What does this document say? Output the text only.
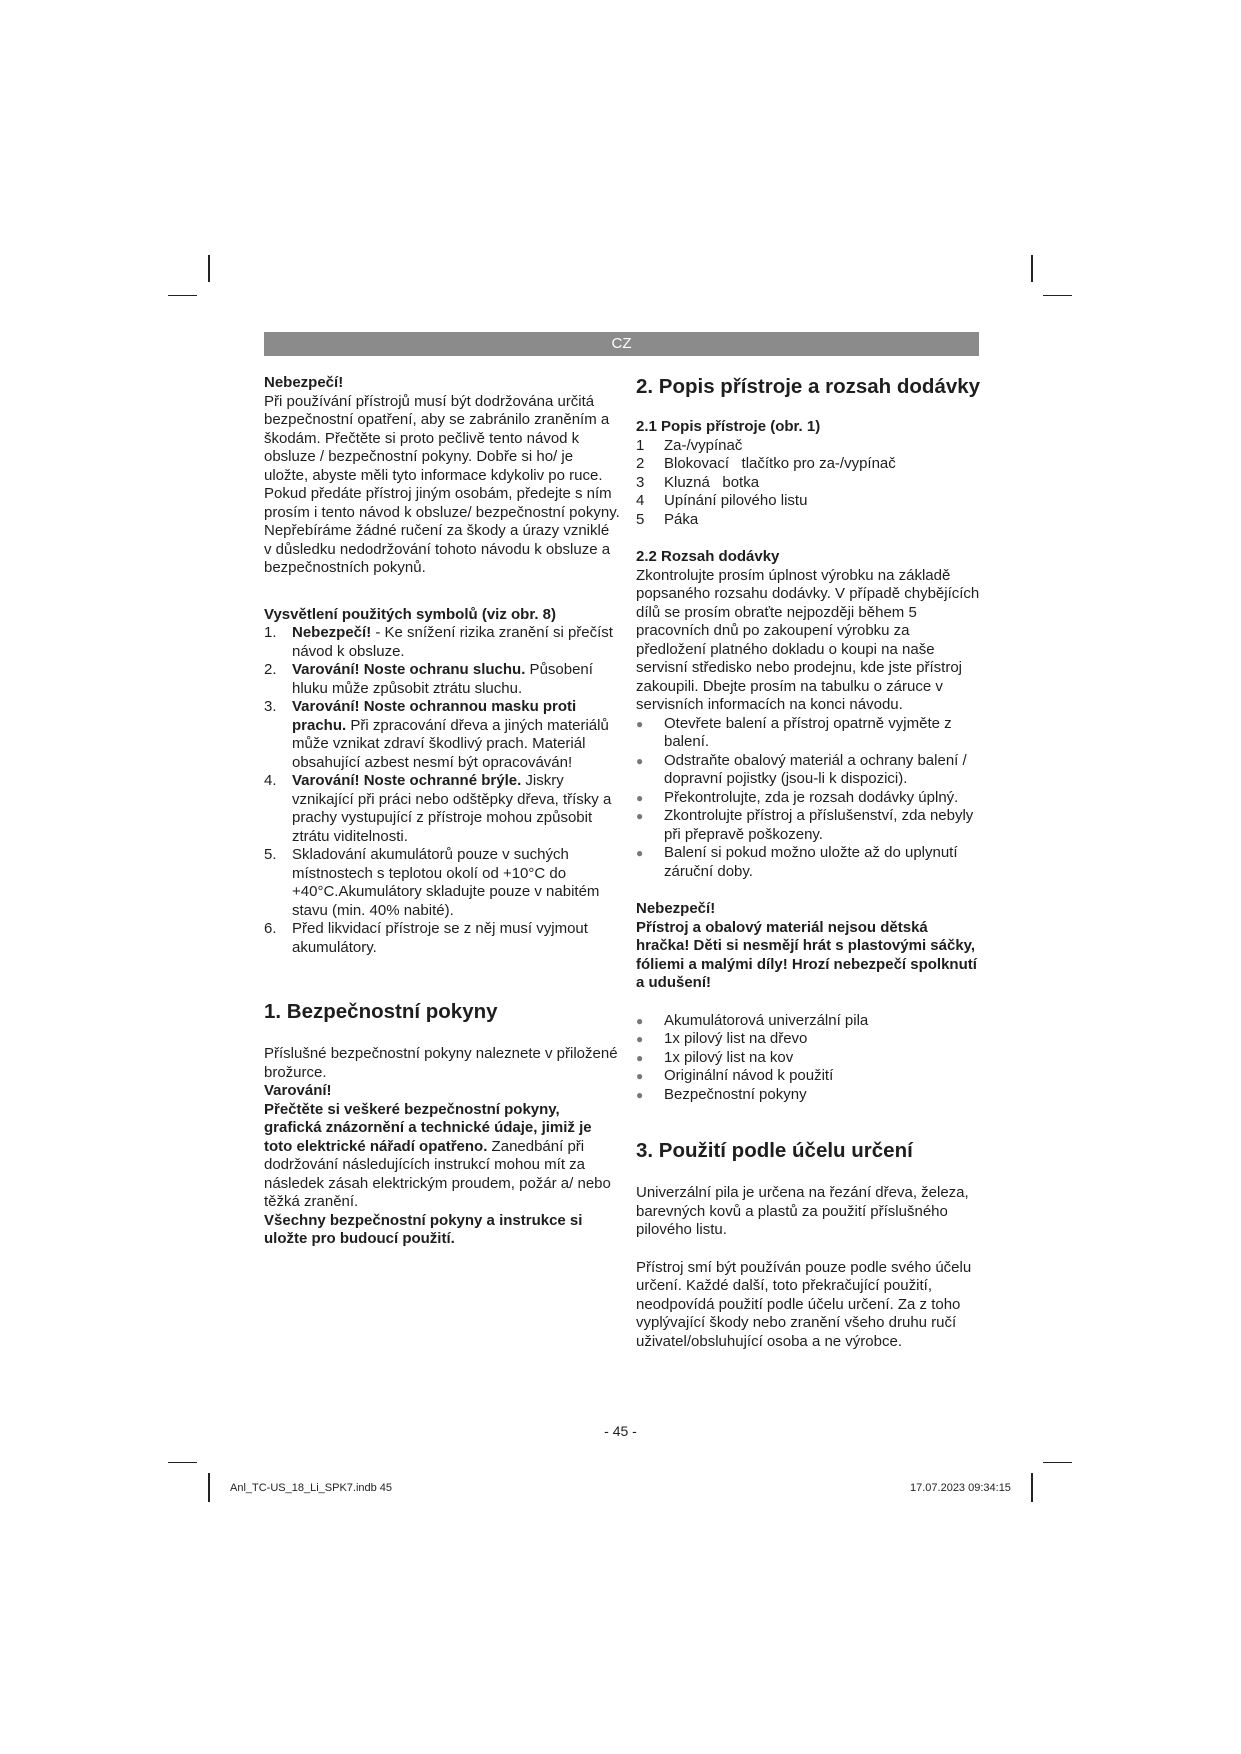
CZ

Nebezpečí!

Při používání přístrojů musí být dodržována určitá bezpečnostní opatření, aby se zabránilo zraněním a škodám. Přečtěte si proto pečlivě tento návod k obsluze / bezpečnostní pokyny. Dobře si ho/ je uložte, abyste měli tyto informace kdykoliv po ruce. Pokud předáte přístroj jiným osobám, předejte s ním prosím i tento návod k obsluze/ bezpečnostní pokyny. Nepřebíráme žádné ručení za škody a úrazy vzniklé v důsledku nedodržování tohoto návodu k obsluze a bezpečnostních pokynů.

Vysvětlení použitých symbolů (viz obr. 8)

1. Nebezpečí! - Ke snížení rizika zranění si přečíst návod k obsluze.
2. Varování! Noste ochranu sluchu. Působení hluku může způsobit ztrátu sluchu.
3. Varování! Noste ochrannou masku proti prachu. Při zpracování dřeva a jiných materiálů může vznikat zdraví škodlivý prach. Materiál obsahující azbest nesmí být opracováván!
4. Varování! Noste ochranné brýle. Jiskry vznikající při práci nebo odštěpky dřeva, třísky a prachy vystupující z přístroje mohou způsobit ztrátu viditelnosti.
5. Skladování akumulátorů pouze v suchých místnostech s teplotou okolí od +10°C do +40°C.Akumulátory skladujte pouze v nabitém stavu (min. 40% nabité).
6. Před likvidací přístroje se z něj musí vyjmout akumulátory.
1. Bezpečnostní pokyny

Příslušné bezpečnostní pokyny naleznete v přiložené brožurce.

Varování!

Přečtěte si veškeré bezpečnostní pokyny, grafická znázornění a technické údaje, jimiž je toto elektrické nářadí opatřeno. Zanedbání při dodržování následujících instrukcí mohou mít za následek zásah elektrickým proudem, požár a/ nebo těžká zranění.

Všechny bezpečnostní pokyny a instrukce si uložte pro budoucí použití.

2. Popis přístroje a rozsah dodávky

2.1 Popis přístroje (obr. 1)

1 Za-/vypínač
2 Blokovací   tlačítko pro za-/vypínač
3 Kluzná   botka
4 Upínání pilového listu
5 Páka

2.2 Rozsah dodávky

Zkontrolujte prosím úplnost výrobku na základě popsaného rozsahu dodávky. V případě chybějících dílů se prosím obraťte nejpozději během 5 pracovních dnů po zakoupení výrobku za předložení platného dokladu o koupi na naše servisní středisko nebo prodejnu, kde jste přístroj zakoupili. Dbejte prosím na tabulku o záruce v servisních informacích na konci návodu.

● Otevřete balení a přístroj opatrně vyjměte z balení.
● Odstraňte obalový materiál a ochrany balení / dopravní pojistky (jsou-li k dispozici).
● Překontrolujte, zda je rozsah dodávky úplný.
● Zkontrolujte přístroj a příslušenství, zda nebyly při přepravě poškozeny.
● Balení si pokud možno uložte až do uplynutí záruční doby.

Nebezpečí!

Přístroj a obalový materiál nejsou dětská hračka! Děti si nesmějí hrát s plastovými sáčky, fóliemi a malými díly! Hrozí nebezpečí spolknutí a udušení!

● Akumulátorová univerzální pila
● 1x pilový list na dřevo
● 1x pilový list na kov
● Originální návod k použití
● Bezpečnostní pokyny
3. Použití podle účelu určení

Univerzální pila je určena na řezání dřeva, železa, barevných kovů a plastů za použití příslušného pilového listu.

Přístroj smí být používán pouze podle svého účelu určení. Každé další, toto překračující použití, neodpovídá použití podle účelu určení. Za z toho vyplývající škody nebo zranění všeho druhu ručí uživatel/obsluhující osoba a ne výrobce.

- 45 -
Anl_TC-US_18_Li_SPK7.indb 45	17.07.2023 09:34:15
